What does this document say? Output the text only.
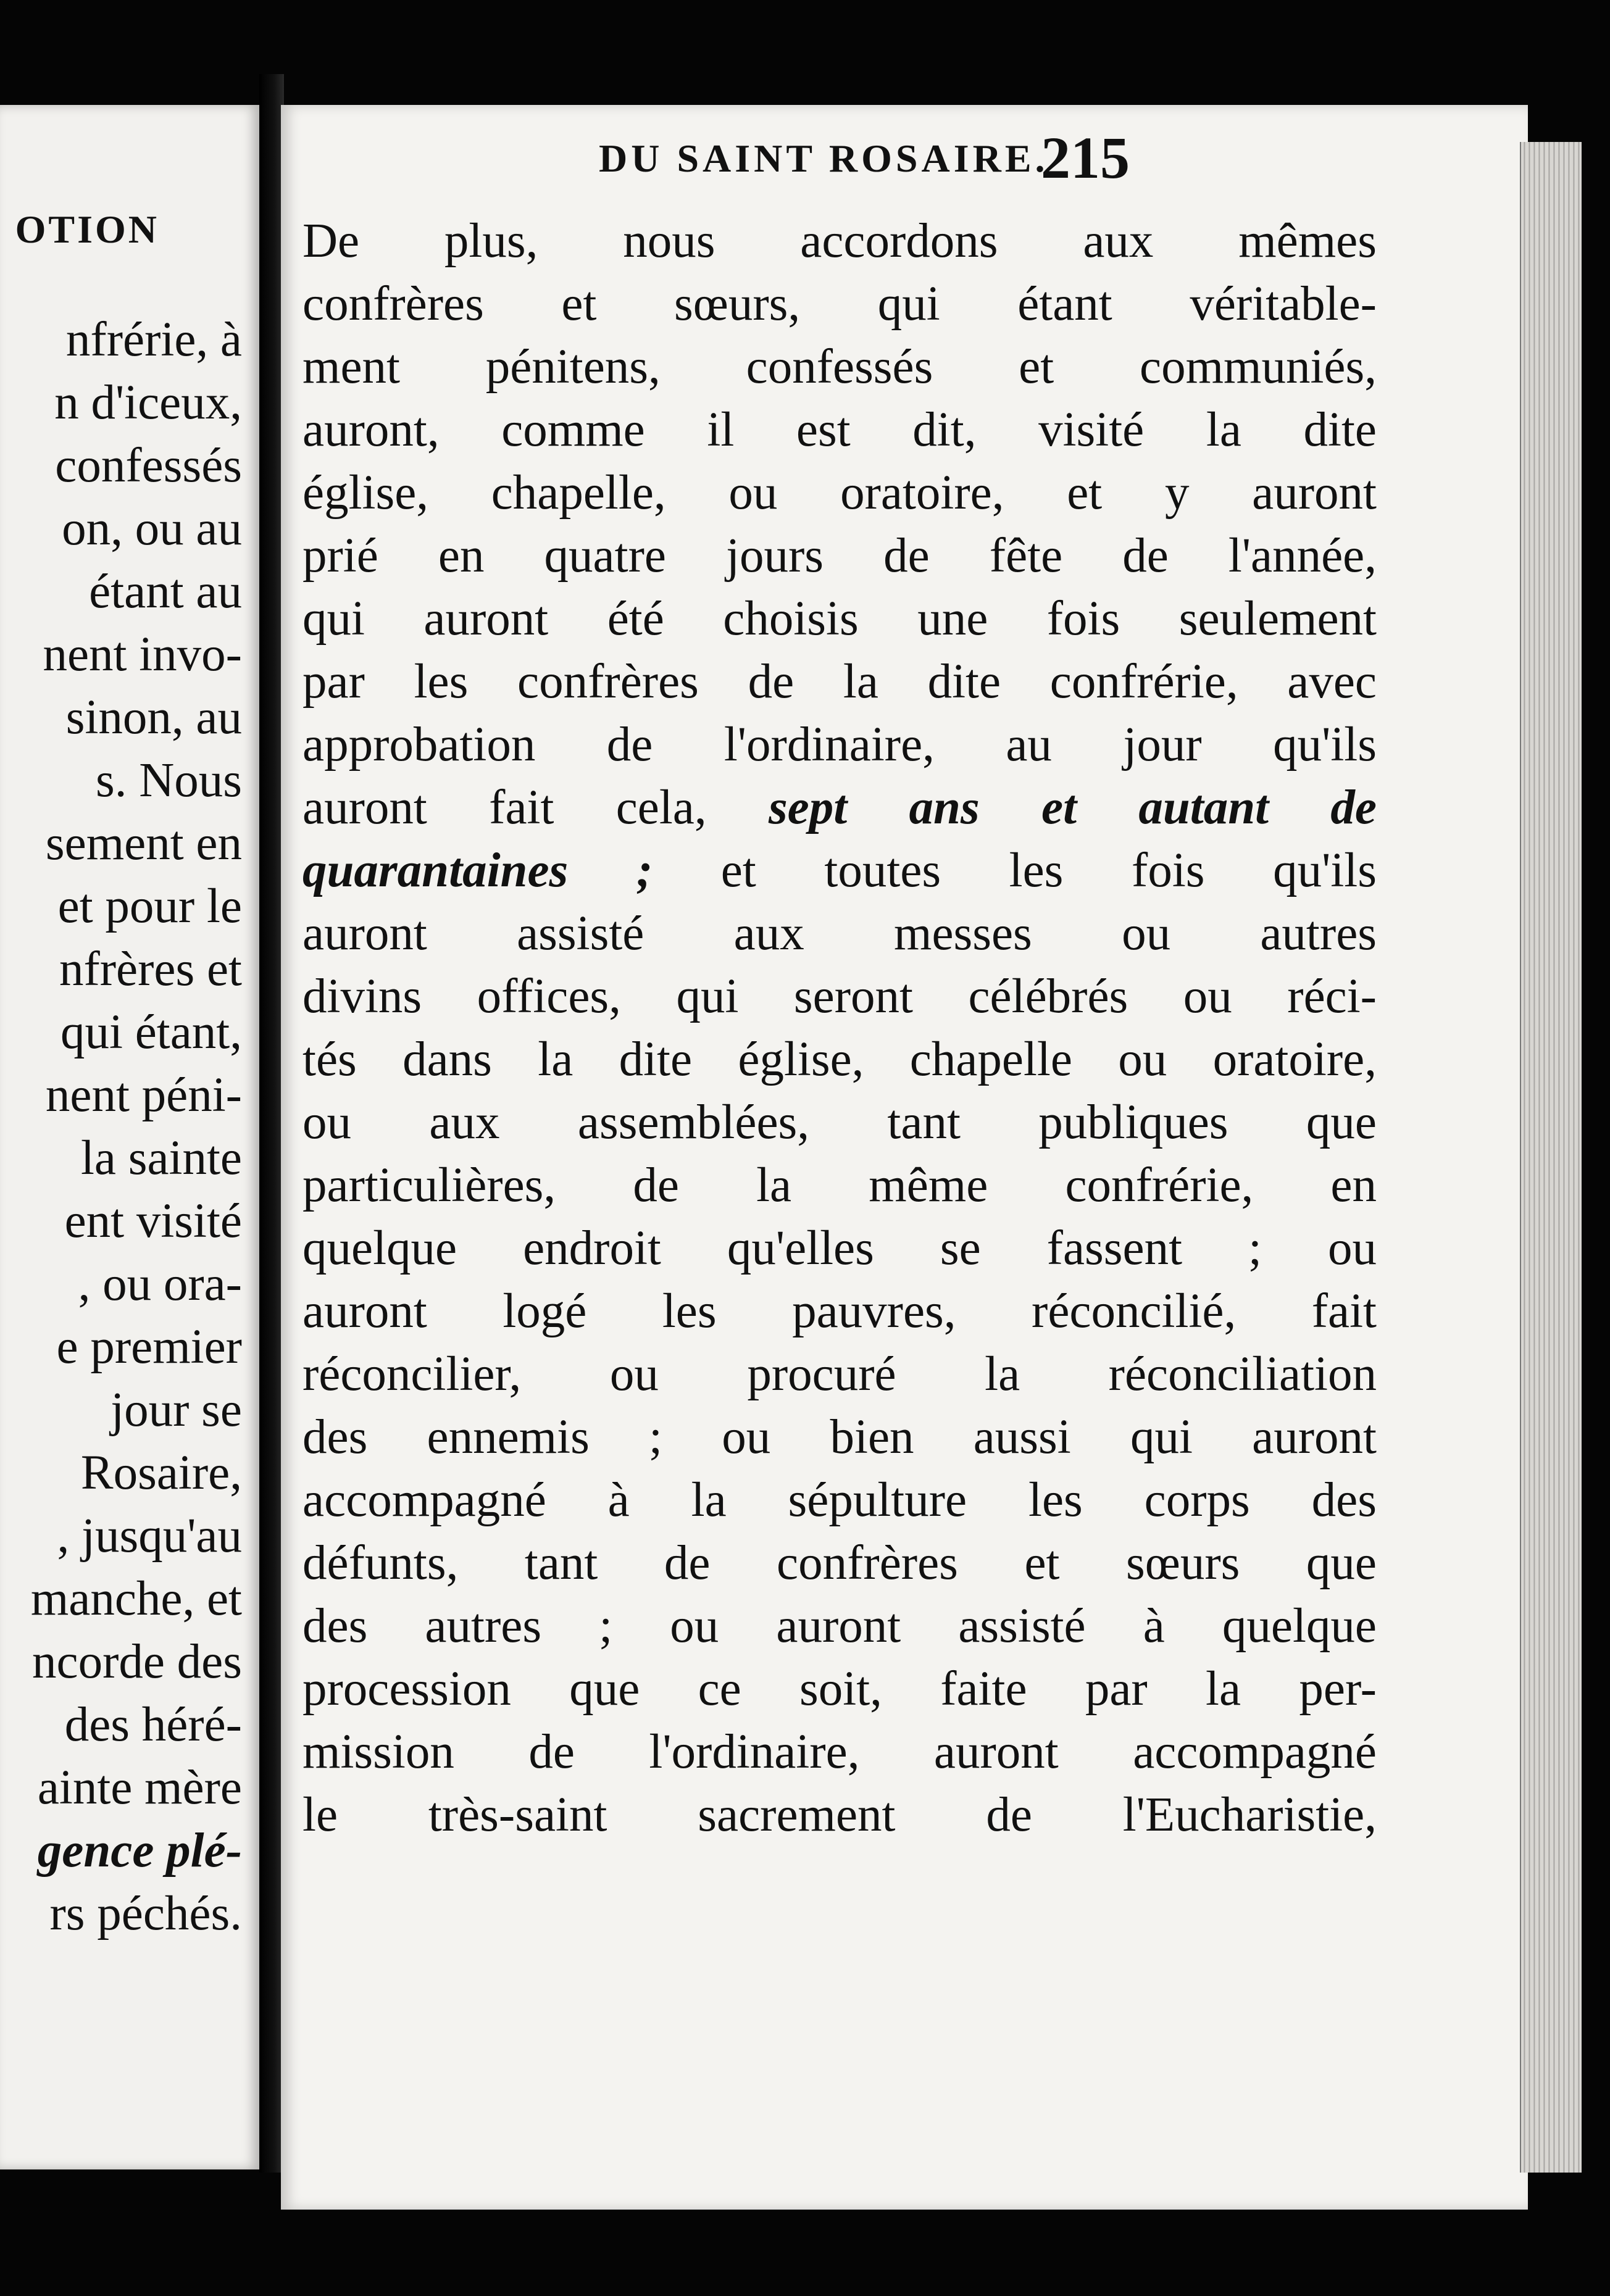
OTION
nfrérie, à
n d'iceux,
confessés
on, ou au
étant au
nent invo-
sinon, au
s. Nous
sement en
et pour le
nfrères et
qui étant,
nent péni-
la sainte
ent visité
, ou ora-
e premier
jour se
Rosaire,
, jusqu'au
manche, et
ncorde des
des héré-
ainte mère
gence plé-
rs péchés.
DU SAINT ROSAIRE.
215
De plus, nous accordons aux mêmes
confrères et sœurs, qui étant véritable-
ment pénitens, confessés et communiés,
auront, comme il est dit, visité la dite
église, chapelle, ou oratoire, et y auront
prié en quatre jours de fête de l'année,
qui auront été choisis une fois seulement
par les confrères de la dite confrérie, avec
approbation de l'ordinaire, au jour qu'ils
auront fait cela, sept ans et autant de
quarantaines ; et toutes les fois qu'ils
auront assisté aux messes ou autres
divins offices, qui seront célébrés ou réci-
tés dans la dite église, chapelle ou oratoire,
ou aux assemblées, tant publiques que
particulières, de la même confrérie, en
quelque endroit qu'elles se fassent ; ou
auront logé les pauvres, réconcilié, fait
réconcilier, ou procuré la réconciliation
des ennemis ; ou bien aussi qui auront
accompagné à la sépulture les corps des
défunts, tant de confrères et sœurs que
des autres ; ou auront assisté à quelque
procession que ce soit, faite par la per-
mission de l'ordinaire, auront accompagné
le très-saint sacrement de l'Eucharistie,
